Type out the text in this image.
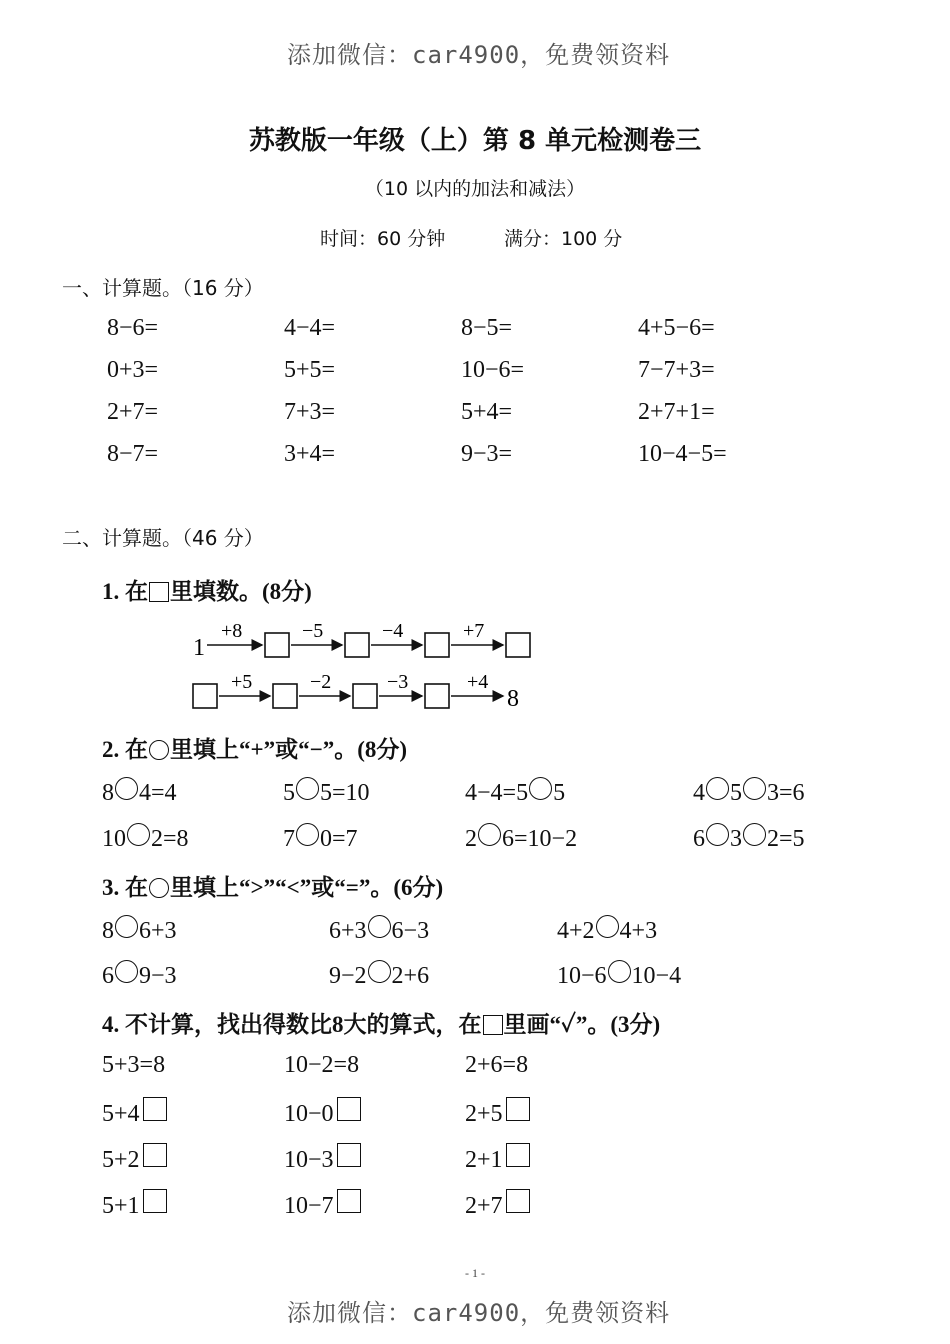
添加微信：car4900，免费领资料
苏教版一年级（上）第 8 单元检测卷三
（10 以内的加法和减法）
时间：60 分钟	满分：100 分
一、计算题。（16 分）
8−6=	4−4=	8−5=	4+5−6=
0+3=	5+5=	10−6=	7−7+3=
2+7=	7+3=	5+4=	2+7+1=
8−7=	3+4=	9−3=	10−4−5=
二、计算题。（46 分）
1. 在 里填数。(8分)
1
+8	−5	−4	+7
+5	−2	−3	+4
8
2. 在 里填上“+”或“−”。(8分)
8 4=4	5 5=10	4−4=5 5	4 5 3=6
10 2=8	7 0=7	2 6=10−2	6 3 2=5
3. 在 里填上“>”“<”或“=”。(6分)
8 6+3	6+3 6−3	4+2 4+3
6 9−3	9−2 2+6	10−6 10−4
4. 不计算，找出得数比8大的算式，在 里画“✓”。(3分)
5+3=8	10−2=8	2+6=8
5+4	10−0	2+5
5+2	10−3	2+1
5+1	10−7	2+7
- 1 -
添加微信：car4900，免费领资料
